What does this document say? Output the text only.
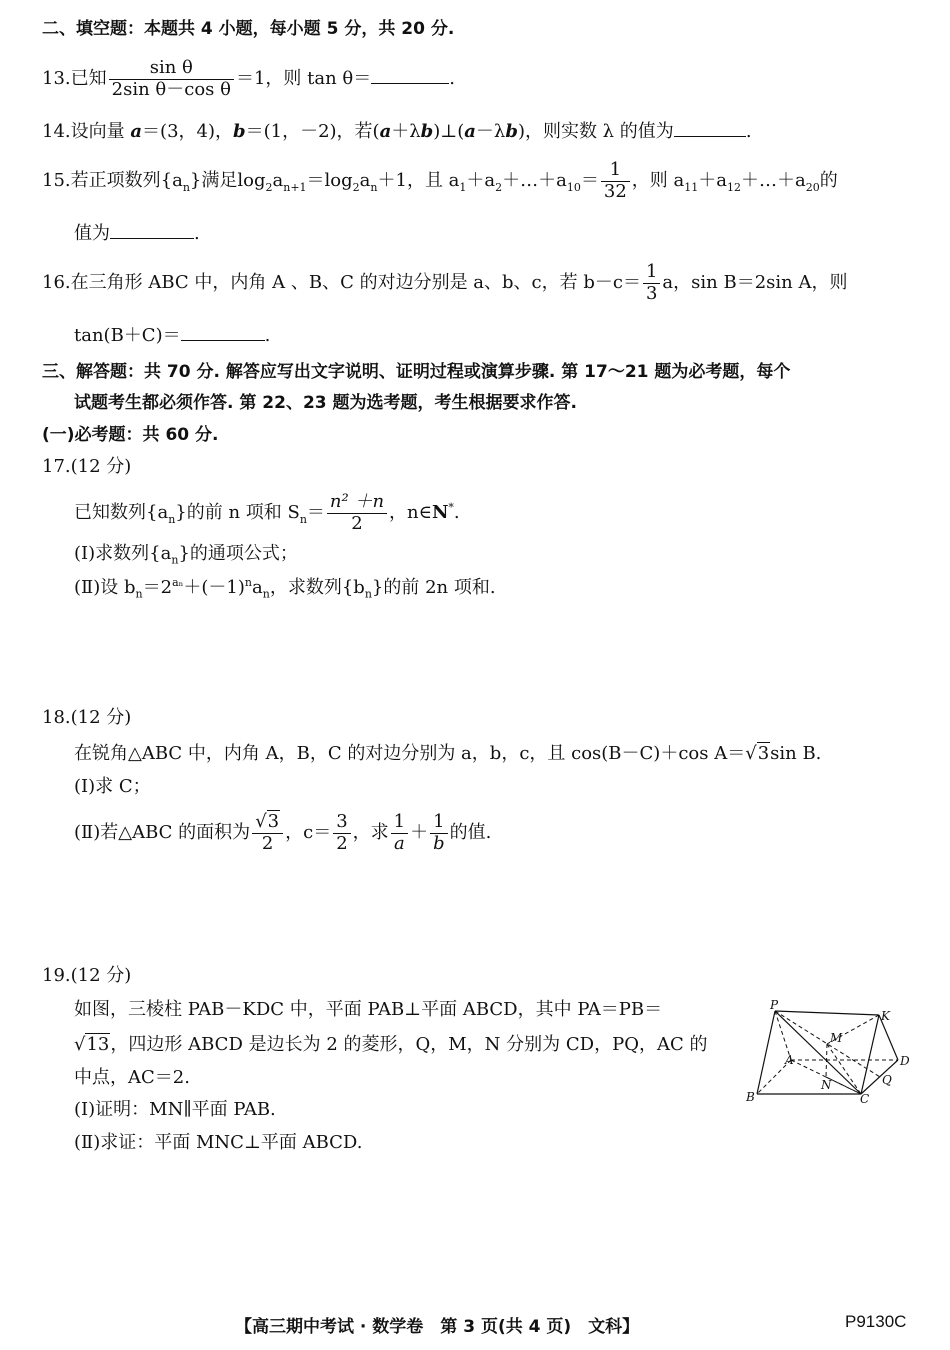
二、填空题：本题共 4 小题，每小题 5 分，共 20 分.
13.已知 $\frac{\text{sin θ}}{\text{2sin θ－cos θ}} =1$，则 tan θ＝	.
14.设向量 a＝(3，4)，b＝(1，－2)，若(a＋λb)⊥(a－λb)，则实数 λ 的值为	.
15.若正项数列$\{a_n\}$满足$\log_2a_{n+1}=\log_2a_n+1$，且 $a_1+a_2+\dots+a_{10}= \frac{1}{32}$ ，则 $a_{11}+a_{12}+\dots+a_{20}$的
值为	.
16.在三角形 ABC 中，内角 A 、B、C 的对边分别是 a、b、c，若 $b-c= \frac{1}{3}$ a，sin B＝2sin A，则
tan(B＋C)＝	.
三、解答题：共 70 分. 解答应写出文字说明、证明过程或演算步骤. 第 17～21 题为必考题，每个
试题考生都必须作答. 第 22、23 题为选考题，考生根据要求作答.
(一)必考题：共 60 分.
17.(12 分)
已知数列$\{a_n\}$的前 n 项和 $S_n= \frac{\text{n² ＋n}}{2}$ ，n∈N*.
(Ⅰ)求数列$\{a_n\}$的通项公式；
(Ⅱ)设 $b_n=2^{a_n}+(-1)^na_n$，求数列$\{b_n\}$的前 2n 项和.
18.(12 分)
在锐角△ABC 中，内角 A，B，C 的对边分别为 a，b，c，且 cos(B－C)＋cos A＝√3sin B.
(Ⅰ)求 C；
(Ⅱ)若△ABC 的面积为 $\frac{√3}{2}$ ，$c= \frac{3}{2}$ ，求 $\frac{1}{a} + \frac{1}{b}$ 的值.
19.(12 分)
如图，三棱柱 PAB－KDC 中，平面 PAB⊥平面 ABCD，其中 PA＝PB＝
√13，四边形 ABCD 是边长为 2 的菱形，Q，M，N 分别为 CD，PQ，AC 的
中点，AC＝2.
(Ⅰ)证明：MN∥平面 PAB.
(Ⅱ)求证：平面 MNC⊥平面 ABCD.
P
K
M
A	D
N	Q
B	C
【高三期中考试 · 数学卷　第 3 页(共 4 页)　文科】	P9130C
